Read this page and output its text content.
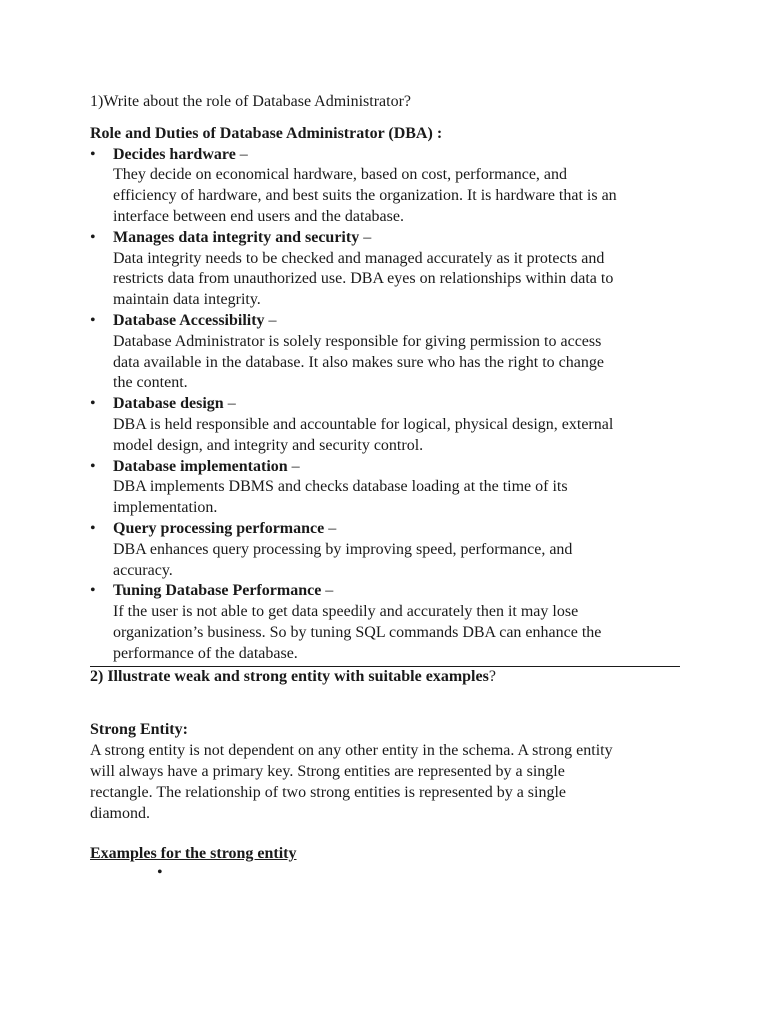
1)Write about the role of Database Administrator?

Role and Duties of Database Administrator (DBA) :

• Decides hardware –
They decide on economical hardware, based on cost, performance, and
efficiency of hardware, and best suits the organization. It is hardware that is an
interface between end users and the database.
• Manages data integrity and security –
Data integrity needs to be checked and managed accurately as it protects and
restricts data from unauthorized use. DBA eyes on relationships within data to
maintain data integrity.
• Database Accessibility –
Database Administrator is solely responsible for giving permission to access
data available in the database. It also makes sure who has the right to change
the content.
• Database design –
DBA is held responsible and accountable for logical, physical design, external
model design, and integrity and security control.
• Database implementation –
DBA implements DBMS and checks database loading at the time of its
implementation.
• Query processing performance –
DBA enhances query processing by improving speed, performance, and
accuracy.
• Tuning Database Performance –
If the user is not able to get data speedily and accurately then it may lose
organization’s business. So by tuning SQL commands DBA can enhance the
performance of the database.

2) Illustrate weak and strong entity with suitable examples?

Strong Entity:

A strong entity is not dependent on any other entity in the schema. A strong entity
will always have a primary key. Strong entities are represented by a single
rectangle. The relationship of two strong entities is represented by a single
diamond.

Examples for the strong entity

•
